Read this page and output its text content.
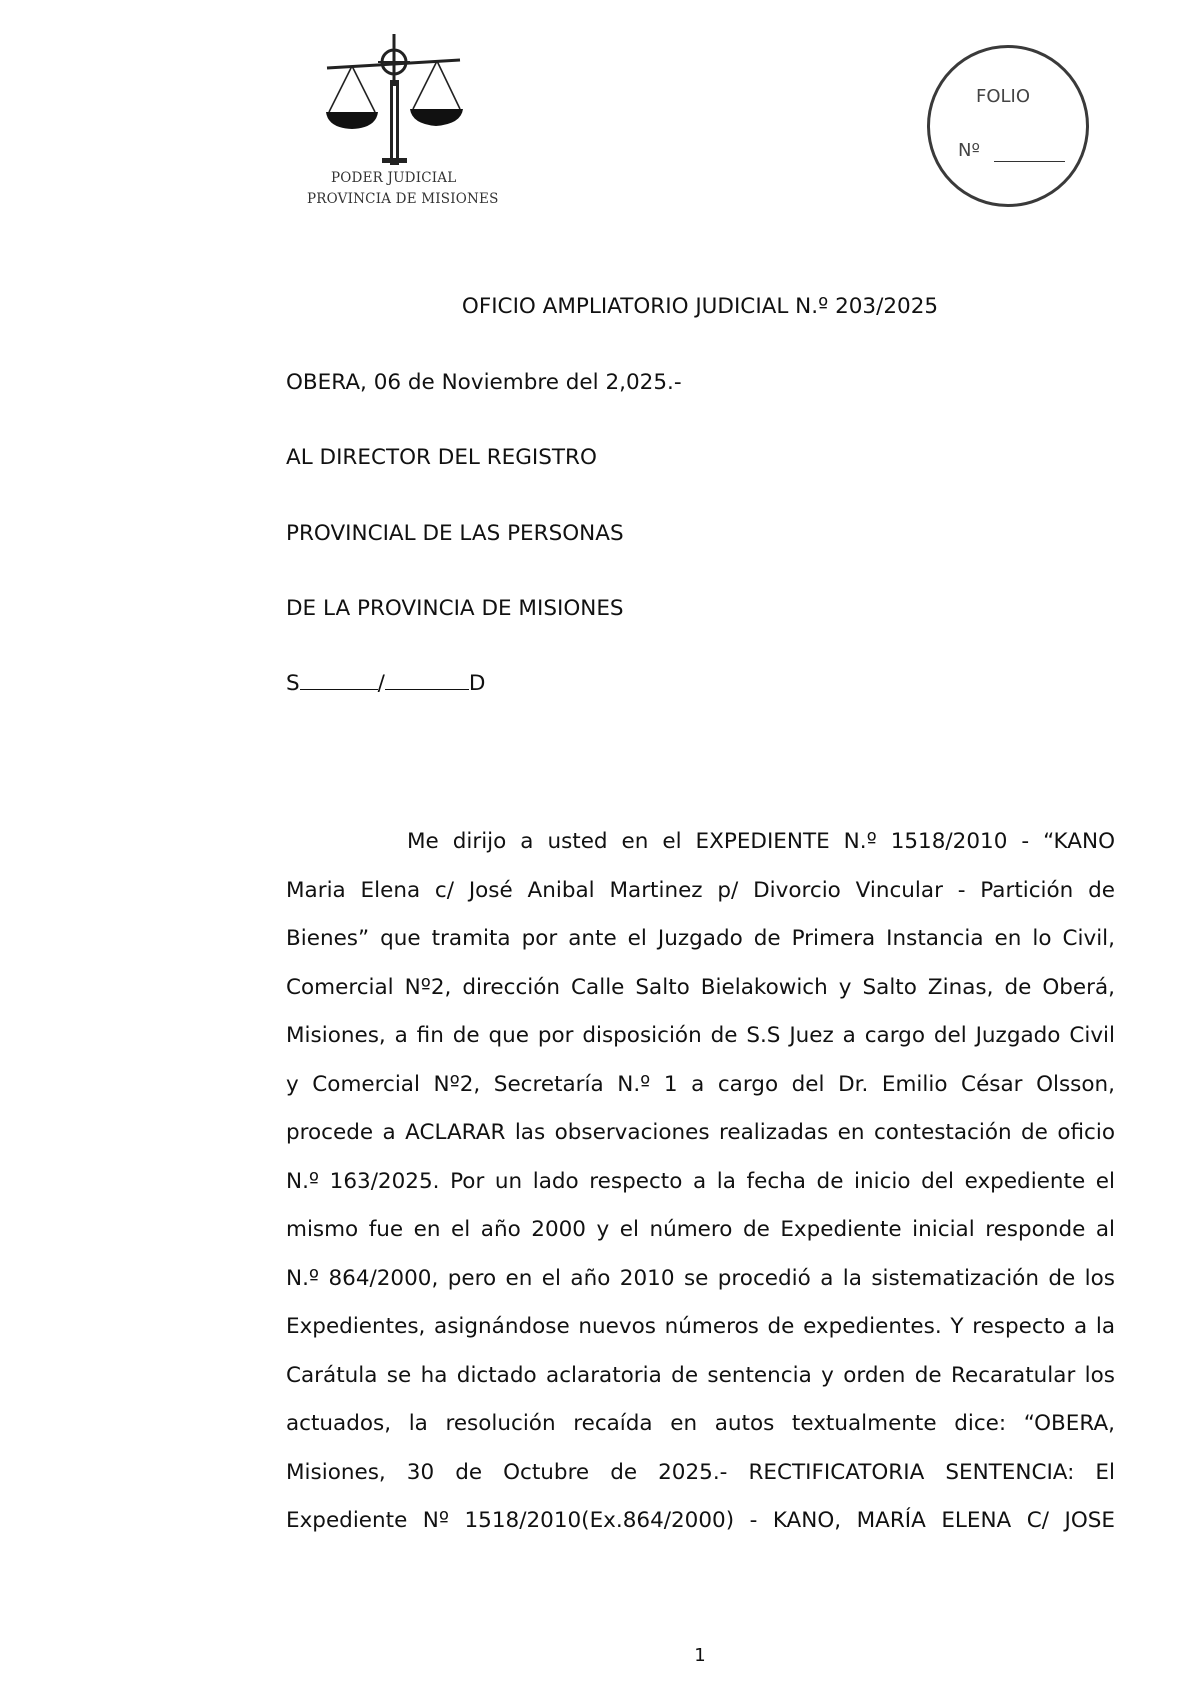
PODER JUDICIAL
PROVINCIA DE MISIONES
FOLIO
Nº
OFICIO AMPLIATORIO JUDICIAL N.º 203/2025
OBERA, 06 de Noviembre del 2,025.-
AL DIRECTOR DEL REGISTRO
PROVINCIAL DE LAS PERSONAS
DE LA PROVINCIA DE MISIONES
S	/	D
Me dirijo a usted en el EXPEDIENTE N.º 1518/2010 - “KANO
Maria Elena c/ José Anibal Martinez p/ Divorcio Vincular - Partición de
Bienes” que tramita por ante el Juzgado de Primera Instancia en lo Civil,
Comercial Nº2, dirección Calle Salto Bielakowich y Salto Zinas, de Oberá,
Misiones, a fin de que por disposición de S.S Juez a cargo del Juzgado Civil
y Comercial Nº2, Secretaría N.º 1 a cargo del Dr. Emilio César Olsson,
procede a ACLARAR las observaciones realizadas en contestación de oficio
N.º 163/2025. Por un lado respecto a la fecha de inicio del expediente el
mismo fue en el año 2000 y el número de Expediente inicial responde al
N.º 864/2000, pero en el año 2010 se procedió a la sistematización de los
Expedientes, asignándose nuevos números de expedientes. Y respecto a la
Carátula se ha dictado aclaratoria de sentencia y orden de Recaratular los
actuados, la resolución recaída en autos textualmente dice: “OBERA,
Misiones, 30 de Octubre de 2025.- RECTIFICATORIA SENTENCIA: El
Expediente Nº 1518/2010(Ex.864/2000) - KANO, MARÍA ELENA C/ JOSE
1
